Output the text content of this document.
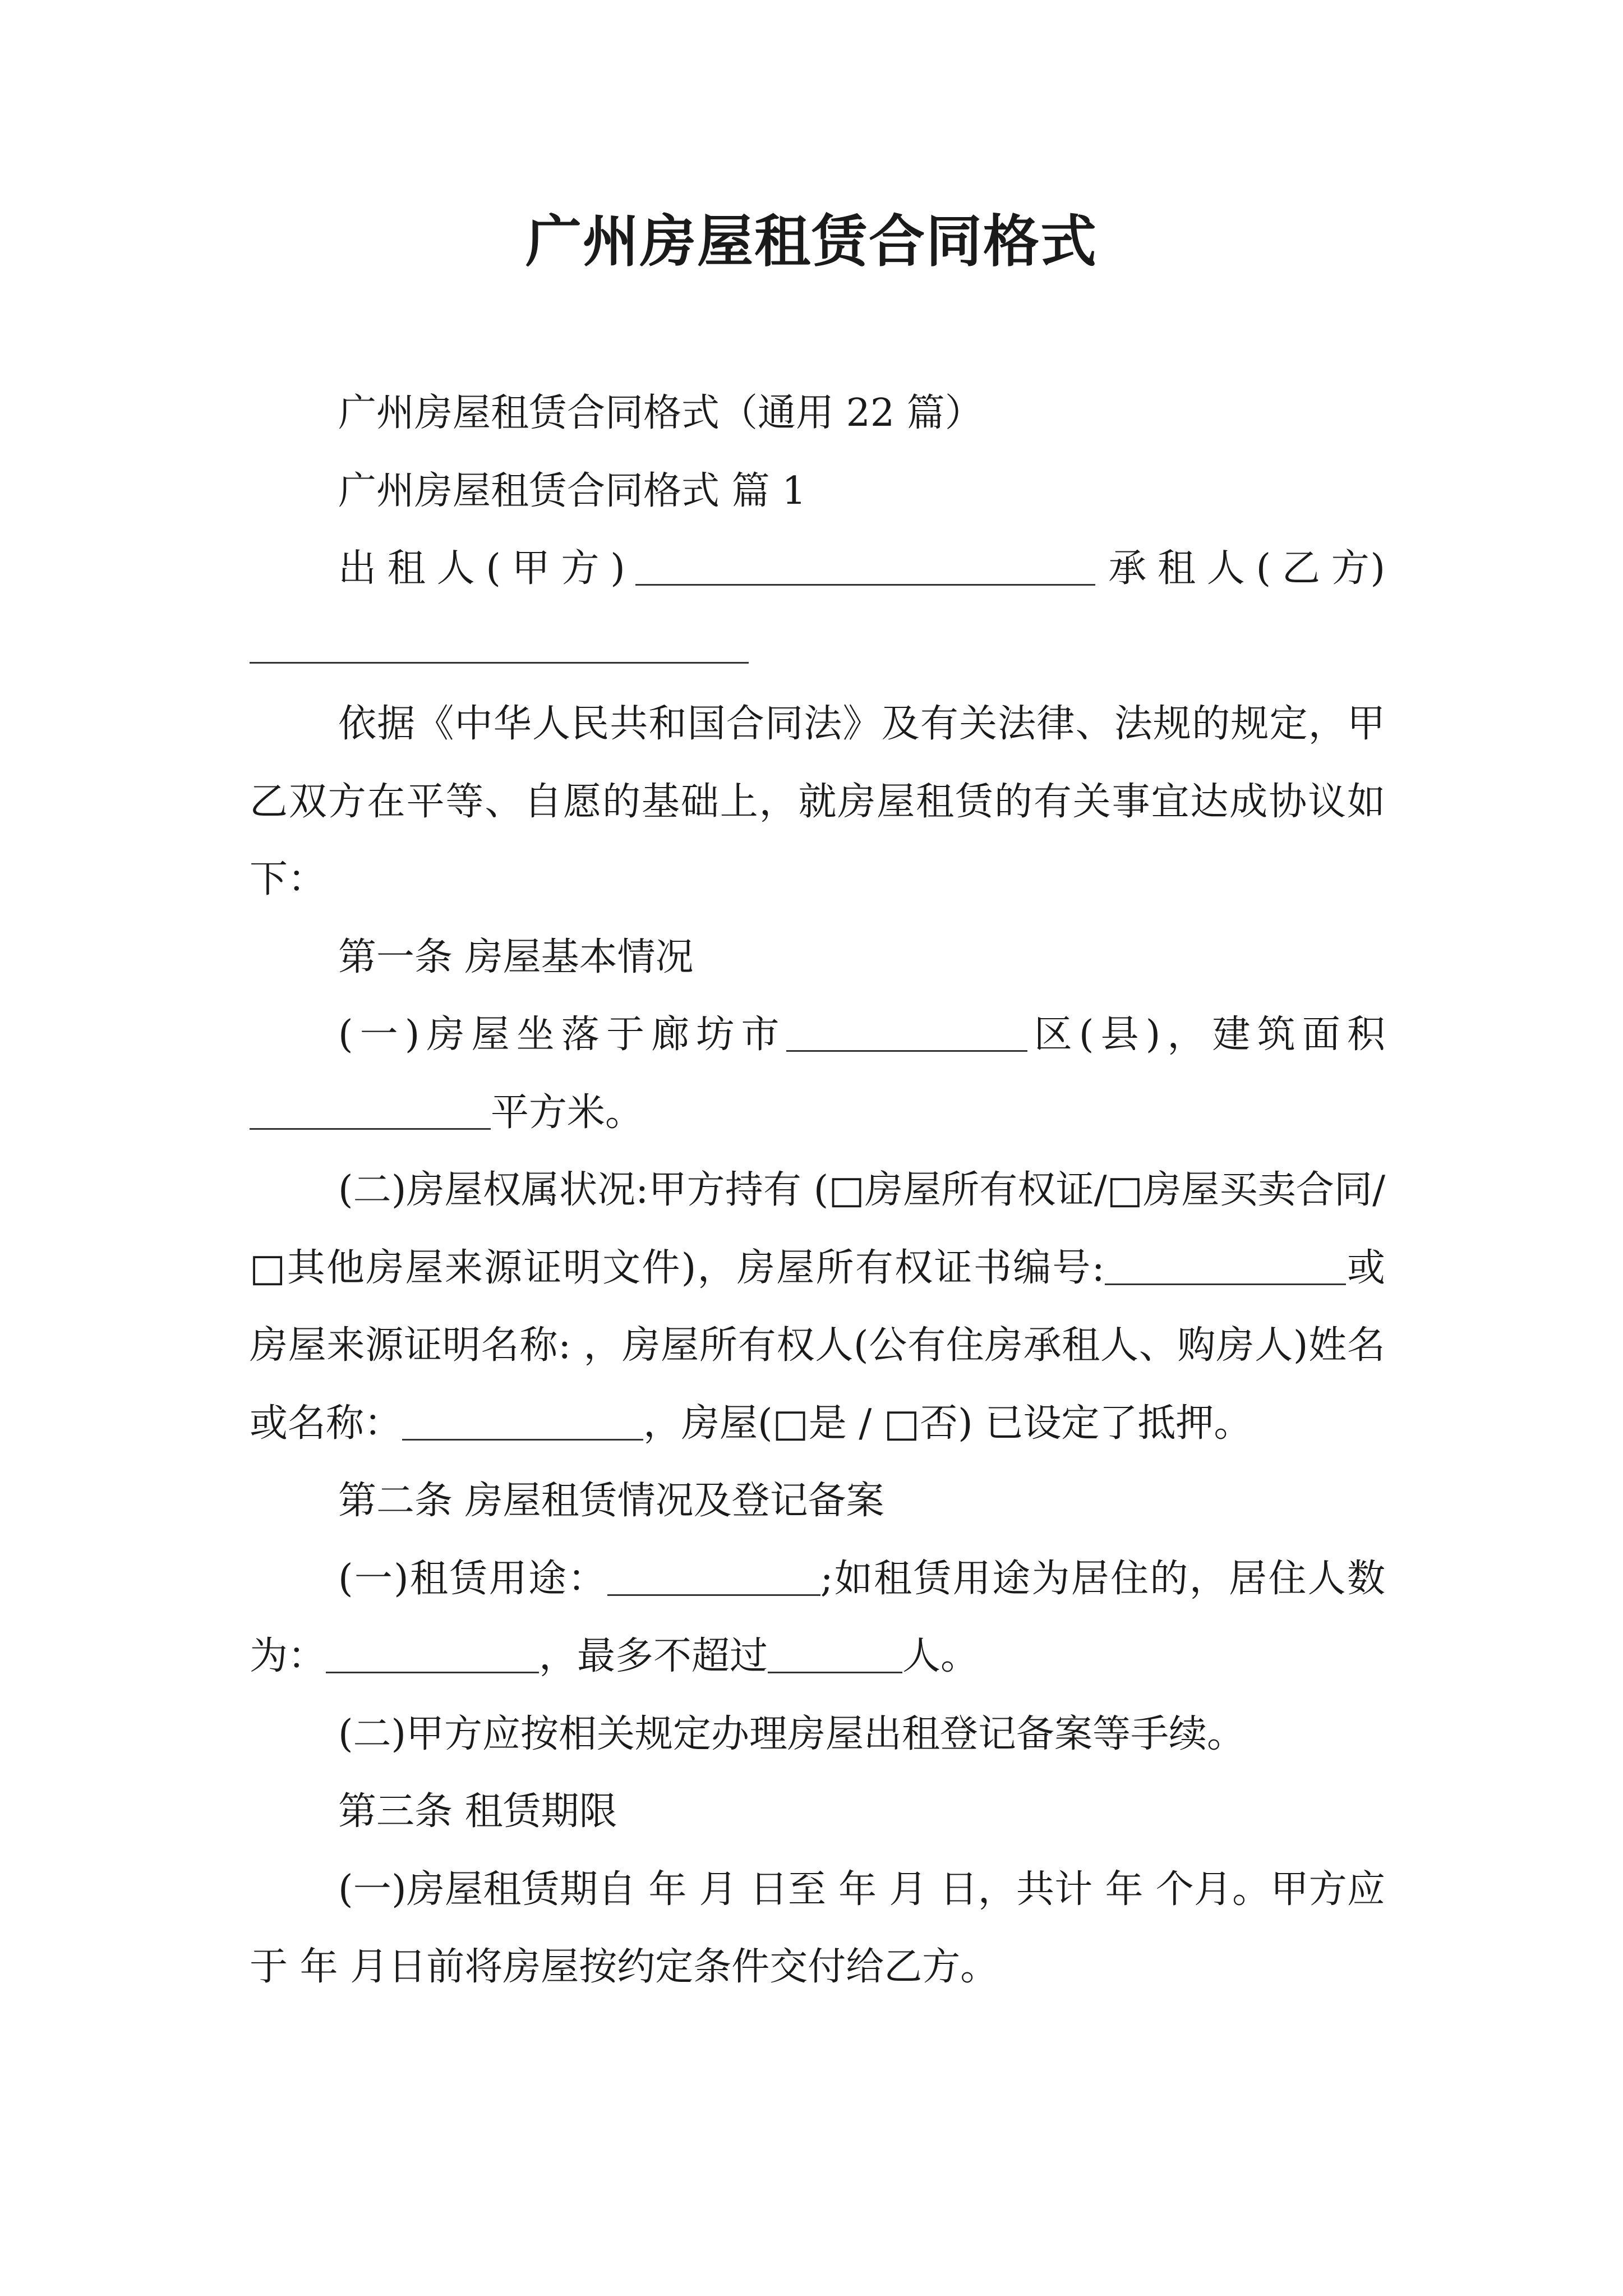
广州房屋租赁合同格式

广州房屋租赁合同格式（通用 22 篇）

广州房屋租赁合同格式 篇 1

出租人(甲方)	承租人(乙方)

依据《中华人民共和国合同法》及有关法律、法规的规定，甲乙双方在平等、自愿的基础上，就房屋租赁的有关事宜达成协议如下：

第一条 房屋基本情况

(一)房屋坐落于廊坊市	区(县)，建筑面积平方米。

(二)房屋权属状况:甲方持有 (□房屋所有权证/□房屋买卖合同/ □其他房屋来源证明文件)，房屋所有权证书编号:	或房屋来源证明名称: ，房屋所有权人(公有住房承租人、购房人)姓名或名称：	，房屋(□是 / □否) 已设定了抵押。

第二条 房屋租赁情况及登记备案

(一)租赁用途：	;如租赁用途为居住的，居住人数为：	，最多不超过	人。

(二)甲方应按相关规定办理房屋出租登记备案等手续。

第三条 租赁期限

(一)房屋租赁期自 年 月 日至 年 月 日，共计 年 个月。甲方应于 年 月日前将房屋按约定条件交付给乙方。
